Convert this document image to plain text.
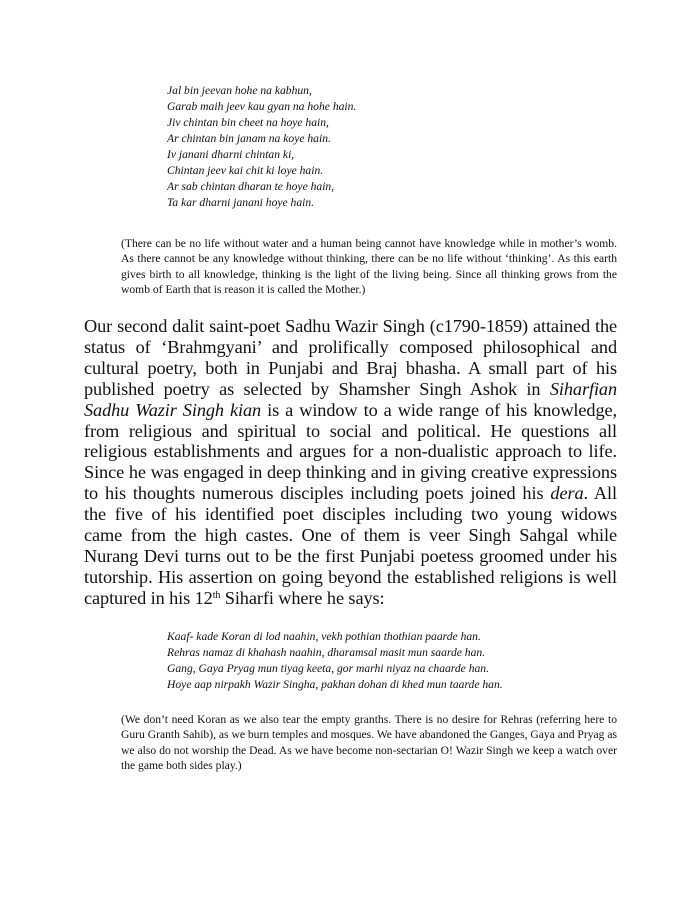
Jal bin jeevan hohe na kabhun,
Garab maih jeev kau gyan na hohe hain.
Jiv chintan bin cheet na hoye hain,
Ar chintan bin janam na koye hain.
Iv janani dharni chintan ki,
Chintan jeev kai chit ki loye hain.
Ar sab chintan dharan te hoye hain,
Ta kar dharni janani hoye hain.
(There can be no life without water and a human being cannot have knowledge while in mother’s womb. As there cannot be any knowledge without thinking, there can be no life without ‘thinking’. As this earth gives birth to all knowledge, thinking is the light of the living being. Since all thinking grows from the womb of Earth that is reason it is called the Mother.)
Our second dalit saint-poet Sadhu Wazir Singh (c1790-1859) attained the status of ‘Brahmgyani’ and prolifically composed philosophical and cultural poetry, both in Punjabi and Braj bhasha. A small part of his published poetry as selected by Shamsher Singh Ashok in Siharfian Sadhu Wazir Singh kian is a window to a wide range of his knowledge, from religious and spiritual to social and political. He questions all religious establishments and argues for a non-dualistic approach to life. Since he was engaged in deep thinking and in giving creative expressions to his thoughts numerous disciples including poets joined his dera. All the five of his identified poet disciples including two young widows came from the high castes. One of them is veer Singh Sahgal while Nurang Devi turns out to be the first Punjabi poetess groomed under his tutorship. His assertion on going beyond the established religions is well captured in his 12th Siharfi where he says:
Kaaf- kade Koran di lod naahin, vekh pothian thothian paarde han.
Rehras namaz di khahash naahin, dharamsal masit mun saarde han.
Gang, Gaya Pryag mun tiyag keeta, gor marhi niyaz na chaarde han.
Hoye aap nirpakh Wazir Singha, pakhan dohan di khed mun taarde han.
(We don’t need Koran as we also tear the empty granths. There is no desire for Rehras (referring here to Guru Granth Sahib), as we burn temples and mosques. We have abandoned the Ganges, Gaya and Pryag as we also do not worship the Dead. As we have become non-sectarian O! Wazir Singh we keep a watch over the game both sides play.)
